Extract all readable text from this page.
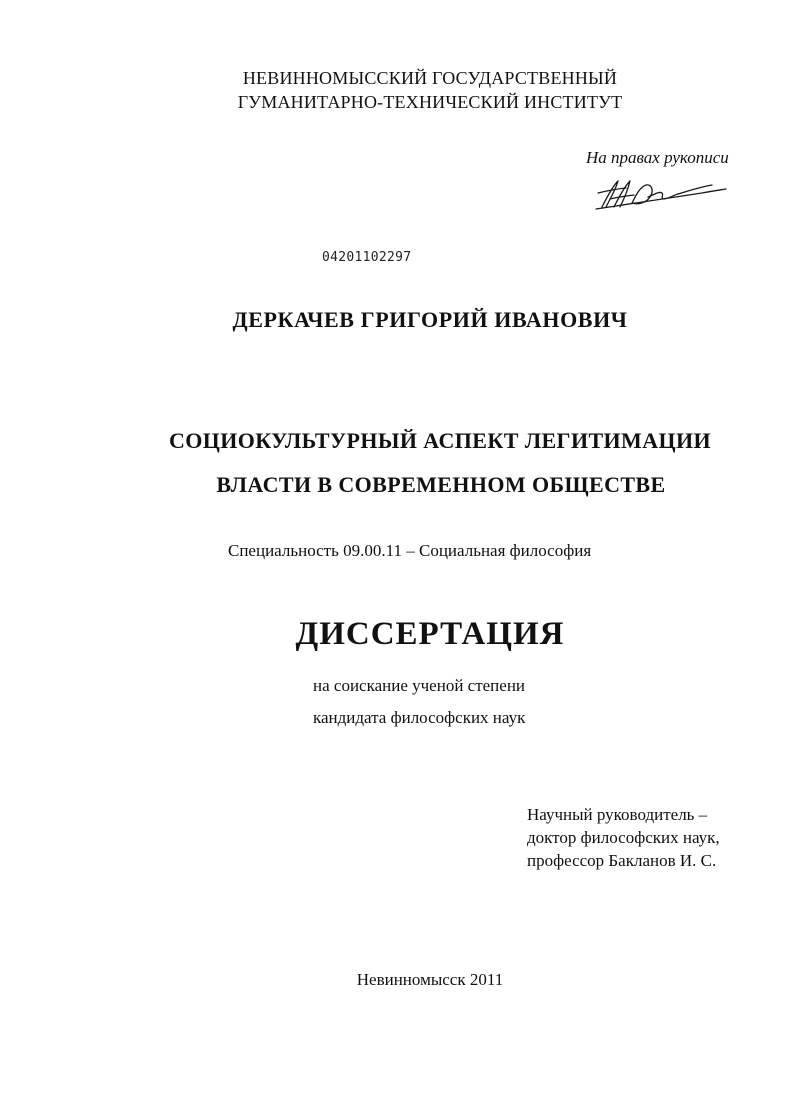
НЕВИННОМЫССКИЙ ГОСУДАРСТВЕННЫЙ
ГУМАНИТАРНО-ТЕХНИЧЕСКИЙ ИНСТИТУТ
На правах рукописи
04201102297
ДЕРКАЧЕВ ГРИГОРИЙ ИВАНОВИЧ
СОЦИОКУЛЬТУРНЫЙ АСПЕКТ ЛЕГИТИМАЦИИ
ВЛАСТИ В СОВРЕМЕННОМ ОБЩЕСТВЕ
Специальность 09.00.11 – Социальная философия
ДИССЕРТАЦИЯ
на соискание ученой степени
кандидата философских наук
Научный руководитель –
доктор философских наук,
профессор Бакланов И. С.
Невинномысск 2011
